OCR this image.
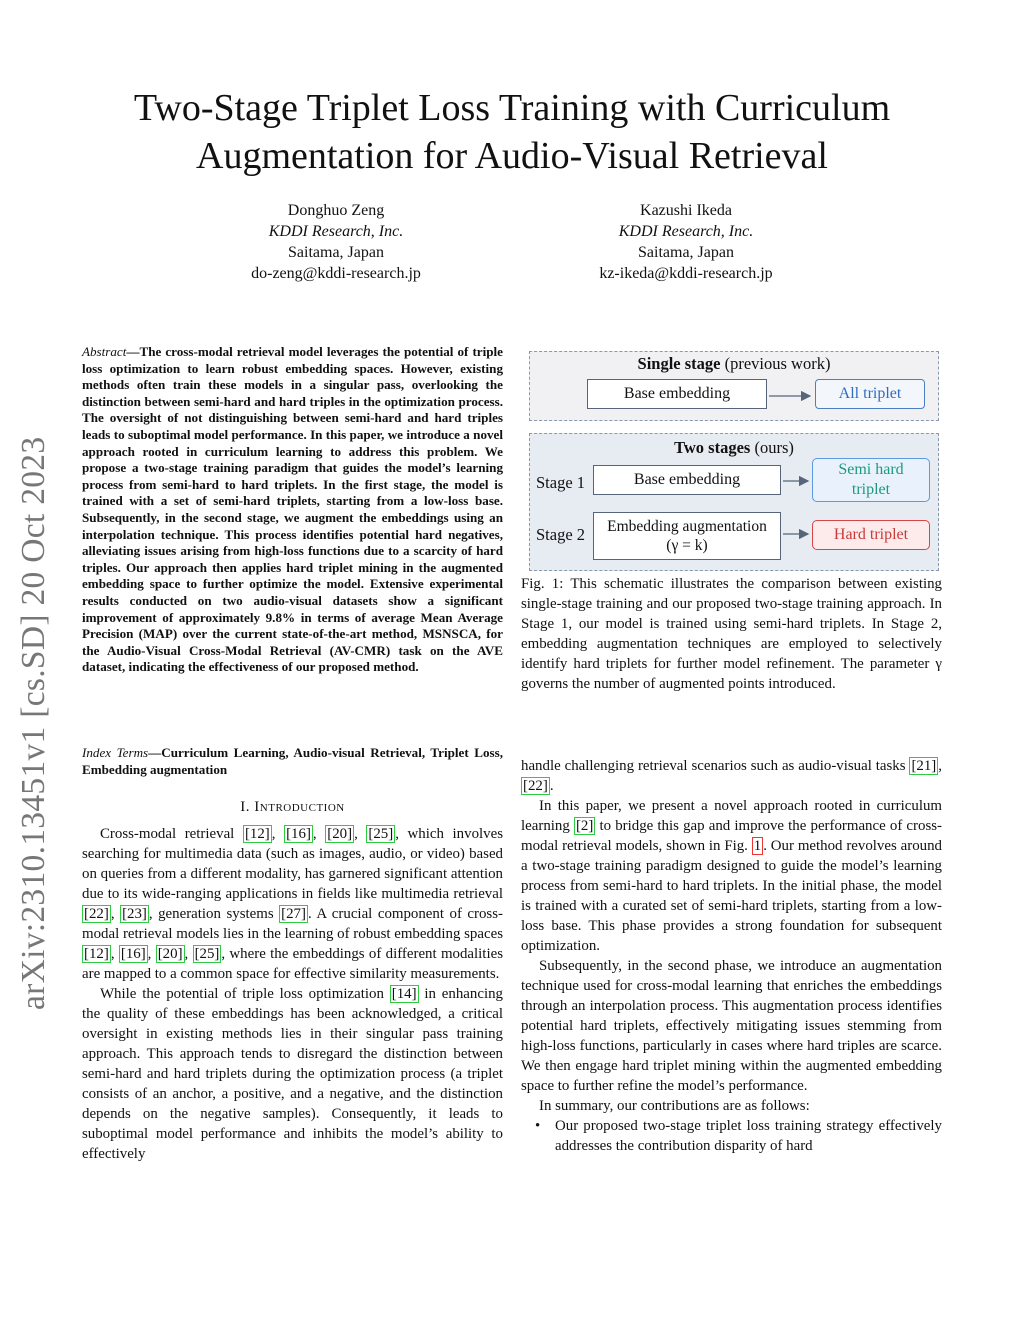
arXiv:2310.13451v1 [cs.SD] 20 Oct 2023
Two-Stage Triplet Loss Training with Curriculum Augmentation for Audio-Visual Retrieval
Donghuo Zeng
KDDI Research, Inc.
Saitama, Japan
do-zeng@kddi-research.jp
Kazushi Ikeda
KDDI Research, Inc.
Saitama, Japan
kz-ikeda@kddi-research.jp
Abstract—The cross-modal retrieval model leverages the potential of triple loss optimization to learn robust embedding spaces. However, existing methods often train these models in a singular pass, overlooking the distinction between semi-hard and hard triples in the optimization process. The oversight of not distinguishing between semi-hard and hard triples leads to suboptimal model performance. In this paper, we introduce a novel approach rooted in curriculum learning to address this problem. We propose a two-stage training paradigm that guides the model’s learning process from semi-hard to hard triplets. In the first stage, the model is trained with a set of semi-hard triplets, starting from a low-loss base. Subsequently, in the second stage, we augment the embeddings using an interpolation technique. This process identifies potential hard negatives, alleviating issues arising from high-loss functions due to a scarcity of hard triples. Our approach then applies hard triplet mining in the augmented embedding space to further optimize the model. Extensive experimental results conducted on two audio-visual datasets show a significant improvement of approximately 9.8% in terms of average Mean Average Precision (MAP) over the current state-of-the-art method, MSNSCA, for the Audio-Visual Cross-Modal Retrieval (AV-CMR) task on the AVE dataset, indicating the effectiveness of our proposed method.
Index Terms—Curriculum Learning, Audio-visual Retrieval, Triplet Loss, Embedding augmentation
I. Introduction

Cross-modal retrieval [12] , [16] , [20] , [25] , which involves searching for multimedia data (such as images, audio, or video) based on queries from a different modality, has garnered significant attention due to its wide-ranging applications in fields like multimedia retrieval [22] , [23] , generation systems [27] . A crucial component of cross-modal retrieval models lies in the learning of robust embedding spaces [12] , [16] , [20] , [25] , where the embeddings of different modalities are mapped to a common space for effective similarity measurements.

While the potential of triple loss optimization [14] in enhancing the quality of these embeddings has been acknowledged, a critical oversight in existing methods lies in their singular pass training approach. This approach tends to disregard the distinction between semi-hard and hard triplets during the optimization process (a triplet consists of an anchor, a positive, and a negative, and the distinction depends on the negative samples). Consequently, it leads to suboptimal model performance and inhibits the model’s ability to effectively

Single stage (previous work)
Base embedding	All triplet
Two stages (ours)
Stage 1
Stage 2
Base embedding
Embedding augmentation
(γ = k)
Semi hard triplet
Hard triplet
Fig. 1: This schematic illustrates the comparison between existing single-stage training and our proposed two-stage training approach. In Stage 1, our model is trained using semi-hard triplets. In Stage 2, embedding augmentation techniques are employed to selectively identify hard triplets for further model refinement. The parameter γ governs the number of augmented points introduced.

handle challenging retrieval scenarios such as audio-visual tasks [21] , [22] .

In this paper, we present a novel approach rooted in curriculum learning [2] to bridge this gap and improve the performance of cross-modal retrieval models, shown in Fig. 1 . Our method revolves around a two-stage training paradigm designed to guide the model’s learning process from semi-hard to hard triplets. In the initial phase, the model is trained with a curated set of semi-hard triplets, starting from a low-loss base. This phase provides a strong foundation for subsequent optimization.

Subsequently, in the second phase, we introduce an augmentation technique used for cross-modal learning that enriches the embeddings through an interpolation process. This augmentation process identifies potential hard triplets, effectively mitigating issues stemming from high-loss functions, particularly in cases where hard triples are scarce. We then engage hard triplet mining within the augmented embedding space to further refine the model’s performance.

In summary, our contributions are as follows:

• Our proposed two-stage triplet loss training strategy effectively addresses the contribution disparity of hard
